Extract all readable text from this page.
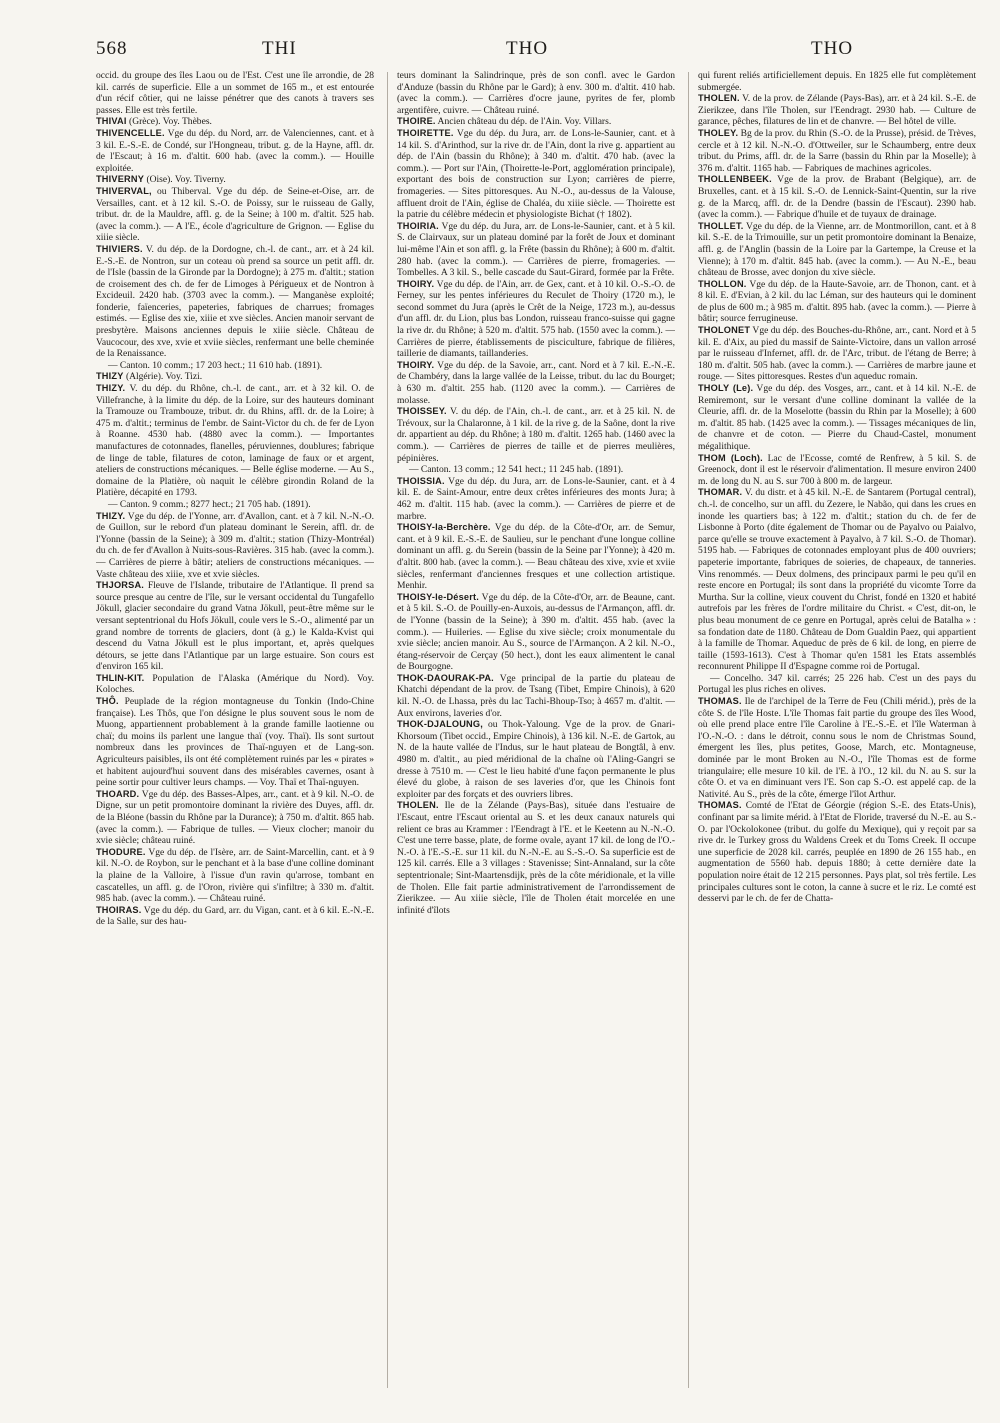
568	THI	THO	THO

occid. du groupe des îles Laou ou de l'Est. C'est une île arrondie, de 28 kil. carrés de superficie. Elle a un sommet de 165 m., et est entourée d'un récif côtier, qui ne laisse pénétrer que des canots à travers ses passes. Elle est très fertile.

THIVAI (Grèce). Voy. Thèbes.

THIVENCELLE. Vge du dép. du Nord, arr. de Valenciennes, cant. et à 3 kil. E.-S.-E. de Condé, sur l'Hongneau, tribut. g. de la Hayne, affl. dr. de l'Escaut; à 16 m. d'altit. 600 hab. (avec la comm.). — Houille exploitée.

THIVERNY (Oise). Voy. Tiverny.

THIVERVAL, ou Thiberval. Vge du dép. de Seine-et-Oise, arr. de Versailles, cant. et à 12 kil. S.-O. de Poissy, sur le ruisseau de Gally, tribut. dr. de la Mauldre, affl. g. de la Seine; à 100 m. d'altit. 525 hab. (avec la comm.). — A l'E., école d'agriculture de Grignon. — Eglise du xiiie siècle.

THIVIERS. V. du dép. de la Dordogne, ch.-l. de cant., arr. et à 24 kil. E.-S.-E. de Nontron, sur un coteau où prend sa source un petit affl. dr. de l'Isle (bassin de la Gironde par la Dordogne); à 275 m. d'altit.; station de croisement des ch. de fer de Limoges à Périgueux et de Nontron à Excideuil. 2420 hab. (3703 avec la comm.). — Manganèse exploité; fonderie, faïenceries, papeteries, fabriques de charrues; fromages estimés. — Eglise des xie, xiiie et xve siècles. Ancien manoir servant de presbytère. Maisons anciennes depuis le xiiie siècle. Château de Vaucocour, des xve, xvie et xviie siècles, renfermant une belle cheminée de la Renaissance.

— Canton. 10 comm.; 17 203 hect.; 11 610 hab. (1891).

THIZY (Algérie). Voy. Tizi.

THIZY. V. du dép. du Rhône, ch.-l. de cant., arr. et à 32 kil. O. de Villefranche, à la limite du dép. de la Loire, sur des hauteurs dominant la Tramouze ou Trambouze, tribut. dr. du Rhins, affl. dr. de la Loire; à 475 m. d'altit.; terminus de l'embr. de Saint-Victor du ch. de fer de Lyon à Roanne. 4530 hab. (4880 avec la comm.). — Importantes manufactures de cotonnades, flanelles, péruviennes, doublures; fabrique de linge de table, filatures de coton, laminage de faux or et argent, ateliers de constructions mécaniques. — Belle église moderne. — Au S., domaine de la Platière, où naquit le célèbre girondin Roland de la Platière, décapité en 1793.

— Canton. 9 comm.; 8277 hect.; 21 705 hab. (1891).

THIZY. Vge du dép. de l'Yonne, arr. d'Avallon, cant. et à 7 kil. N.-N.-O. de Guillon, sur le rebord d'un plateau dominant le Serein, affl. dr. de l'Yonne (bassin de la Seine); à 309 m. d'altit.; station (Thizy-Montréal) du ch. de fer d'Avallon à Nuits-sous-Ravières. 315 hab. (avec la comm.). — Carrières de pierre à bâtir; ateliers de constructions mécaniques. — Vaste château des xiiie, xve et xvie siècles.

THJORSA. Fleuve de l'Islande, tributaire de l'Atlantique. Il prend sa source presque au centre de l'île, sur le versant occidental du Tungafello Jökull, glacier secondaire du grand Vatna Jökull, peut-être même sur le versant septentrional du Hofs Jökull, coule vers le S.-O., alimenté par un grand nombre de torrents de glaciers, dont (à g.) le Kalda-Kvist qui descend du Vatna Jökull est le plus important, et, après quelques détours, se jette dans l'Atlantique par un large estuaire. Son cours est d'environ 165 kil.

THLIN-KIT. Population de l'Alaska (Amérique du Nord). Voy. Koloches.

THÔ. Peuplade de la région montagneuse du Tonkin (Indo-Chine française). Les Thôs, que l'on désigne le plus souvent sous le nom de Muong, appartiennent probablement à la grande famille laotienne ou chaï; du moins ils parlent une langue thaï (voy. Thaï). Ils sont surtout nombreux dans les provinces de Thaï-nguyen et de Lang-son. Agriculteurs paisibles, ils ont été complètement ruinés par les « pirates » et habitent aujourd'hui souvent dans des misérables cavernes, osant à peine sortir pour cultiver leurs champs. — Voy. Thaï et Thaï-nguyen.

THOARD. Vge du dép. des Basses-Alpes, arr., cant. et à 9 kil. N.-O. de Digne, sur un petit promontoire dominant la rivière des Duyes, affl. dr. de la Bléone (bassin du Rhône par la Durance); à 750 m. d'altit. 865 hab. (avec la comm.). — Fabrique de tulles. — Vieux clocher; manoir du xvie siècle; château ruiné.

THODURE. Vge du dép. de l'Isère, arr. de Saint-Marcellin, cant. et à 9 kil. N.-O. de Roybon, sur le penchant et à la base d'une colline dominant la plaine de la Valloire, à l'issue d'un ravin qu'arrose, tombant en cascatelles, un affl. g. de l'Oron, rivière qui s'infiltre; à 330 m. d'altit. 985 hab. (avec la comm.). — Château ruiné.

THOIRAS. Vge du dép. du Gard, arr. du Vigan, cant. et à 6 kil. E.-N.-E. de la Salle, sur des hau-

teurs dominant la Salindrinque, près de son confl. avec le Gardon d'Anduze (bassin du Rhône par le Gard); à env. 300 m. d'altit. 410 hab. (avec la comm.). — Carrières d'ocre jaune, pyrites de fer, plomb argentifère, cuivre. — Château ruiné.

THOIRE. Ancien château du dép. de l'Ain. Voy. Villars.

THOIRETTE. Vge du dép. du Jura, arr. de Lons-le-Saunier, cant. et à 14 kil. S. d'Arinthod, sur la rive dr. de l'Ain, dont la rive g. appartient au dép. de l'Ain (bassin du Rhône); à 340 m. d'altit. 470 hab. (avec la comm.). — Port sur l'Ain, (Thoirette-le-Port, agglomération principale), exportant des bois de construction sur Lyon; carrières de pierre, fromageries. — Sites pittoresques. Au N.-O., au-dessus de la Valouse, affluent droit de l'Ain, église de Chaléa, du xiiie siècle. — Thoirette est la patrie du célèbre médecin et physiologiste Bichat († 1802).

THOIRIA. Vge du dép. du Jura, arr. de Lons-le-Saunier, cant. et à 5 kil. S. de Clairvaux, sur un plateau dominé par la forêt de Joux et dominant lui-même l'Ain et son affl. g. la Frête (bassin du Rhône); à 600 m. d'altit. 280 hab. (avec la comm.). — Carrières de pierre, fromageries. — Tombelles. A 3 kil. S., belle cascade du Saut-Girard, formée par la Frête.

THOIRY. Vge du dép. de l'Ain, arr. de Gex, cant. et à 10 kil. O.-S.-O. de Ferney, sur les pentes inférieures du Reculet de Thoiry (1720 m.), le second sommet du Jura (après le Crêt de la Neige, 1723 m.), au-dessus d'un affl. dr. du Lion, plus bas London, ruisseau franco-suisse qui gagne la rive dr. du Rhône; à 520 m. d'altit. 575 hab. (1550 avec la comm.). — Carrières de pierre, établissements de pisciculture, fabrique de filières, taillerie de diamants, taillanderies.

THOIRY. Vge du dép. de la Savoie, arr., cant. Nord et à 7 kil. E.-N.-E. de Chambéry, dans la large vallée de la Leisse, tribut. du lac du Bourget; à 630 m. d'altit. 255 hab. (1120 avec la comm.). — Carrières de molasse.

THOISSEY. V. du dép. de l'Ain, ch.-l. de cant., arr. et à 25 kil. N. de Trévoux, sur la Chalaronne, à 1 kil. de la rive g. de la Saône, dont la rive dr. appartient au dép. du Rhône; à 180 m. d'altit. 1265 hab. (1460 avec la comm.). — Carrières de pierres de taille et de pierres meulières, pépinières.

— Canton. 13 comm.; 12 541 hect.; 11 245 hab. (1891).

THOISSIA. Vge du dép. du Jura, arr. de Lons-le-Saunier, cant. et à 4 kil. E. de Saint-Amour, entre deux crêtes inférieures des monts Jura; à 462 m. d'altit. 115 hab. (avec la comm.). — Carrières de pierre et de marbre.

THOISY-la-Berchère. Vge du dép. de la Côte-d'Or, arr. de Semur, cant. et à 9 kil. E.-S.-E. de Saulieu, sur le penchant d'une longue colline dominant un affl. g. du Serein (bassin de la Seine par l'Yonne); à 420 m. d'altit. 800 hab. (avec la comm.). — Beau château des xive, xvie et xviie siècles, renfermant d'anciennes fresques et une collection artistique. Menhir.

THOISY-le-Désert. Vge du dép. de la Côte-d'Or, arr. de Beaune, cant. et à 5 kil. S.-O. de Pouilly-en-Auxois, au-dessus de l'Armançon, affl. dr. de l'Yonne (bassin de la Seine); à 390 m. d'altit. 455 hab. (avec la comm.). — Huileries. — Eglise du xive siècle; croix monumentale du xvie siècle; ancien manoir. Au S., source de l'Armançon. A 2 kil. N.-O., étang-réservoir de Cerçay (50 hect.), dont les eaux alimentent le canal de Bourgogne.

THOK-DAOURAK-PA. Vge principal de la partie du plateau de Khatchi dépendant de la prov. de Tsang (Tibet, Empire Chinois), à 620 kil. N.-O. de Lhassa, près du lac Tachi-Bhoup-Tso; à 4657 m. d'altit. — Aux environs, laveries d'or.

THOK-DJALOUNG, ou Thok-Yaloung. Vge de la prov. de Gnari-Khorsoum (Tibet occid., Empire Chinois), à 136 kil. N.-E. de Gartok, au N. de la haute vallée de l'Indus, sur le haut plateau de Bongtâl, à env. 4980 m. d'altit., au pied méridional de la chaîne où l'Aling-Gangri se dresse à 7510 m. — C'est le lieu habité d'une façon permanente le plus élevé du globe, à raison de ses laveries d'or, que les Chinois font exploiter par des forçats et des ouvriers libres.

THOLEN. Ile de la Zélande (Pays-Bas), située dans l'estuaire de l'Escaut, entre l'Escaut oriental au S. et les deux canaux naturels qui relient ce bras au Krammer : l'Eendragt à l'E. et le Keetenn au N.-N.-O. C'est une terre basse, plate, de forme ovale, ayant 17 kil. de long de l'O.-N.-O. à l'E.-S.-E. sur 11 kil. du N.-N.-E. au S.-S.-O. Sa superficie est de 125 kil. carrés. Elle a 3 villages : Stavenisse; Sint-Annaland, sur la côte septentrionale; Sint-Maartensdijk, près de la côte méridionale, et la ville de Tholen. Elle fait partie administrativement de l'arrondissement de Zierikzee. — Au xiiie siècle, l'île de Tholen était morcelée en une infinité d'îlots

qui furent reliés artificiellement depuis. En 1825 elle fut complètement submergée.

THOLEN. V. de la prov. de Zélande (Pays-Bas), arr. et à 24 kil. S.-E. de Zierikzee, dans l'île Tholen, sur l'Eendragt. 2930 hab. — Culture de garance, pêches, filatures de lin et de chanvre. — Bel hôtel de ville.

THOLEY. Bg de la prov. du Rhin (S.-O. de la Prusse), présid. de Trèves, cercle et à 12 kil. N.-N.-O. d'Ottweiler, sur le Schaumberg, entre deux tribut. du Prims, affl. dr. de la Sarre (bassin du Rhin par la Moselle); à 376 m. d'altit. 1165 hab. — Fabriques de machines agricoles.

THOLLENBEEK. Vge de la prov. de Brabant (Belgique), arr. de Bruxelles, cant. et à 15 kil. S.-O. de Lennick-Saint-Quentin, sur la rive g. de la Marcq, affl. dr. de la Dendre (bassin de l'Escaut). 2390 hab. (avec la comm.). — Fabrique d'huile et de tuyaux de drainage.

THOLLET. Vge du dép. de la Vienne, arr. de Montmorillon, cant. et à 8 kil. S.-E. de la Trimouille, sur un petit promontoire dominant la Benaize, affl. g. de l'Anglin (bassin de la Loire par la Gartempe, la Creuse et la Vienne); à 170 m. d'altit. 845 hab. (avec la comm.). — Au N.-E., beau château de Brosse, avec donjon du xive siècle.

THOLLON. Vge du dép. de la Haute-Savoie, arr. de Thonon, cant. et à 8 kil. E. d'Evian, à 2 kil. du lac Léman, sur des hauteurs qui le dominent de plus de 600 m.; à 985 m. d'altit. 895 hab. (avec la comm.). — Pierre à bâtir; source ferrugineuse.

THOLONET Vge du dép. des Bouches-du-Rhône, arr., cant. Nord et à 5 kil. E. d'Aix, au pied du massif de Sainte-Victoire, dans un vallon arrosé par le ruisseau d'Infernet, affl. dr. de l'Arc, tribut. de l'étang de Berre; à 180 m. d'altit. 505 hab. (avec la comm.). — Carrières de marbre jaune et rouge. — Sites pittoresques. Restes d'un aqueduc romain.

THOLY (Le). Vge du dép. des Vosges, arr., cant. et à 14 kil. N.-E. de Remiremont, sur le versant d'une colline dominant la vallée de la Cleurie, affl. dr. de la Moselotte (bassin du Rhin par la Moselle); à 600 m. d'altit. 85 hab. (1425 avec la comm.). — Tissages mécaniques de lin, de chanvre et de coton. — Pierre du Chaud-Castel, monument mégalithique.

THOM (Loch). Lac de l'Ecosse, comté de Renfrew, à 5 kil. S. de Greenock, dont il est le réservoir d'alimentation. Il mesure environ 2400 m. de long du N. au S. sur 700 à 800 m. de largeur.

THOMAR. V. du distr. et à 45 kil. N.-E. de Santarem (Portugal central), ch.-l. de concelho, sur un affl. du Zezere, le Nabão, qui dans les crues en inonde les quartiers bas; à 122 m. d'altit.; station du ch. de fer de Lisbonne à Porto (dite également de Thomar ou de Payalvo ou Paialvo, parce qu'elle se trouve exactement à Payalvo, à 7 kil. S.-O. de Thomar). 5195 hab. — Fabriques de cotonnades employant plus de 400 ouvriers; papeterie importante, fabriques de soieries, de chapeaux, de tanneries. Vins renommés. — Deux dolmens, des principaux parmi le peu qu'il en reste encore en Portugal; ils sont dans la propriété du vicomte Torre da Murtha. Sur la colline, vieux couvent du Christ, fondé en 1320 et habité autrefois par les frères de l'ordre militaire du Christ. « C'est, dit-on, le plus beau monument de ce genre en Portugal, après celui de Batalha » : sa fondation date de 1180. Château de Dom Gualdin Paez, qui appartient à la famille de Thomar. Aqueduc de près de 6 kil. de long, en pierre de taille (1593-1613). C'est à Thomar qu'en 1581 les Etats assemblés reconnurent Philippe II d'Espagne comme roi de Portugal.

— Concelho. 347 kil. carrés; 25 226 hab. C'est un des pays du Portugal les plus riches en olives.

THOMAS. Ile de l'archipel de la Terre de Feu (Chili mérid.), près de la côte S. de l'île Hoste. L'île Thomas fait partie du groupe des îles Wood, où elle prend place entre l'île Caroline à l'E.-S.-E. et l'île Waterman à l'O.-N.-O. : dans le détroit, connu sous le nom de Christmas Sound, émergent les îles, plus petites, Goose, March, etc. Montagneuse, dominée par le mont Broken au N.-O., l'île Thomas est de forme triangulaire; elle mesure 10 kil. de l'E. à l'O., 12 kil. du N. au S. sur la côte O. et va en diminuant vers l'E. Son cap S.-O. est appelé cap. de la Nativité. Au S., près de la côte, émerge l'îlot Arthur.

THOMAS. Comté de l'Etat de Géorgie (région S.-E. des Etats-Unis), confinant par sa limite mérid. à l'Etat de Floride, traversé du N.-E. au S.-O. par l'Ockolokonee (tribut. du golfe du Mexique), qui y reçoit par sa rive dr. le Turkey gross du Waldens Creek et du Toms Creek. Il occupe une superficie de 2028 kil. carrés, peuplée en 1890 de 26 155 hab., en augmentation de 5560 hab. depuis 1880; à cette dernière date la population noire était de 12 215 personnes. Pays plat, sol très fertile. Les principales cultures sont le coton, la canne à sucre et le riz. Le comté est desservi par le ch. de fer de Chatta-
